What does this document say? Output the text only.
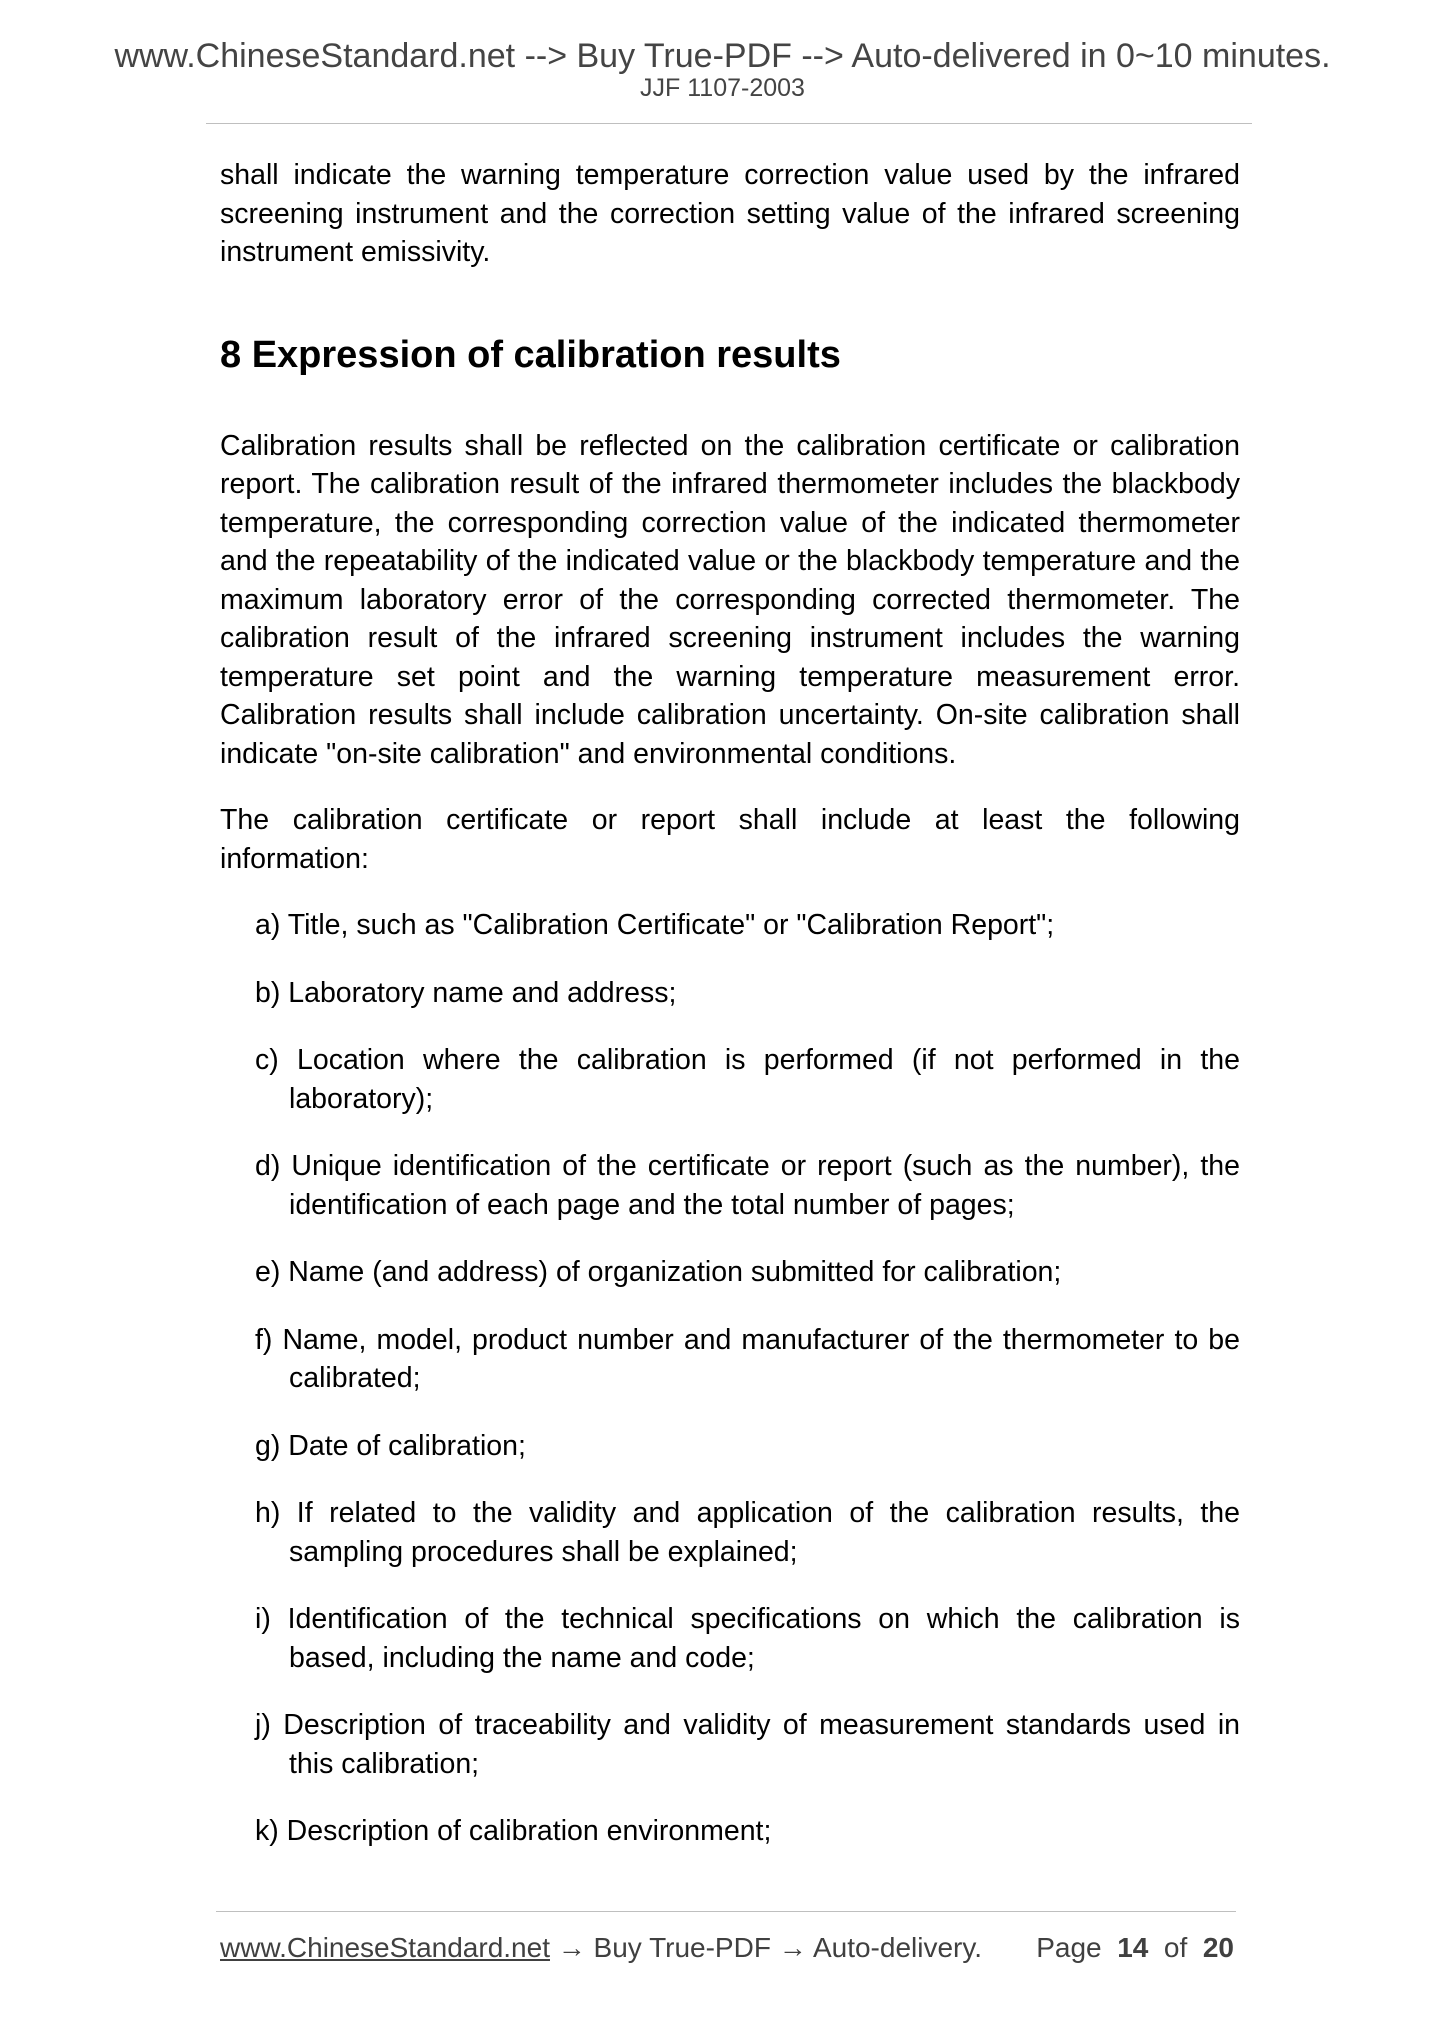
www.ChineseStandard.net --> Buy True-PDF --> Auto-delivered in 0~10 minutes.
JJF 1107-2003

shall indicate the warning temperature correction value used by the infrared screening instrument and the correction setting value of the infrared screening instrument emissivity.

8 Expression of calibration results

Calibration results shall be reflected on the calibration certificate or calibration report. The calibration result of the infrared thermometer includes the blackbody temperature, the corresponding correction value of the indicated thermometer and the repeatability of the indicated value or the blackbody temperature and the maximum laboratory error of the corresponding corrected thermometer. The calibration result of the infrared screening instrument includes the warning temperature set point and the warning temperature measurement error. Calibration results shall include calibration uncertainty. On-site calibration shall indicate "on-site calibration" and environmental conditions.

The calibration certificate or report shall include at least the following information:

a) Title, such as "Calibration Certificate" or "Calibration Report";
b) Laboratory name and address;
c) Location where the calibration is performed (if not performed in the laboratory);
d) Unique identification of the certificate or report (such as the number), the identification of each page and the total number of pages;
e) Name (and address) of organization submitted for calibration;
f) Name, model, product number and manufacturer of the thermometer to be calibrated;
g) Date of calibration;
h) If related to the validity and application of the calibration results, the sampling procedures shall be explained;
i) Identification of the technical specifications on which the calibration is based, including the name and code;
j) Description of traceability and validity of measurement standards used in this calibration;
k) Description of calibration environment;
www.ChineseStandard.net → Buy True-PDF → Auto-delivery. Page 14 of 20
